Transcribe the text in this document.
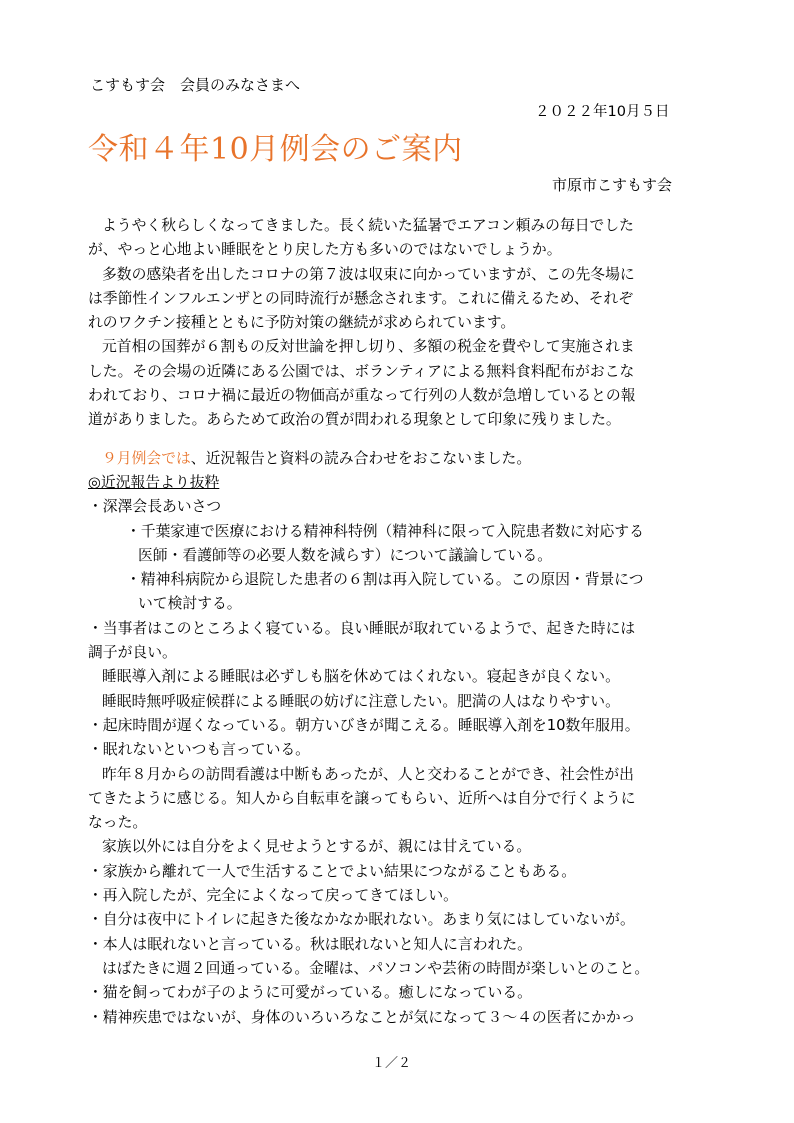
こすもす会　会員のみなさまへ
２０２２年10月５日
令和４年10月例会のご案内
市原市こすもす会
ようやく秋らしくなってきました。長く続いた猛暑でエアコン頼みの毎日でした
が、やっと心地よい睡眠をとり戻した方も多いのではないでしょうか。
多数の感染者を出したコロナの第７波は収束に向かっていますが、この先冬場に
は季節性インフルエンザとの同時流行が懸念されます。これに備えるため、それぞ
れのワクチン接種とともに予防対策の継続が求められています。
元首相の国葬が６割もの反対世論を押し切り、多額の税金を費やして実施されま
した。その会場の近隣にある公園では、ボランティアによる無料食料配布がおこな
われており、コロナ禍に最近の物価高が重なって行列の人数が急増しているとの報
道がありました。あらためて政治の質が問われる現象として印象に残りました。
９月例会では、近況報告と資料の読み合わせをおこないました。
◎近況報告より抜粋
・深澤会長あいさつ
・千葉家連で医療における精神科特例（精神科に限って入院患者数に対応する
医師・看護師等の必要人数を減らす）について議論している。
・精神科病院から退院した患者の６割は再入院している。この原因・背景につ
いて検討する。
・当事者はこのところよく寝ている。良い睡眠が取れているようで、起きた時には
調子が良い。
睡眠導入剤による睡眠は必ずしも脳を休めてはくれない。寝起きが良くない。
睡眠時無呼吸症候群による睡眠の妨げに注意したい。肥満の人はなりやすい。
・起床時間が遅くなっている。朝方いびきが聞こえる。睡眠導入剤を10数年服用。
・眠れないといつも言っている。
昨年８月からの訪問看護は中断もあったが、人と交わることができ、社会性が出
てきたように感じる。知人から自転車を譲ってもらい、近所へは自分で行くように
なった。
家族以外には自分をよく見せようとするが、親には甘えている。
・家族から離れて一人で生活することでよい結果につながることもある。
・再入院したが、完全によくなって戻ってきてほしい。
・自分は夜中にトイレに起きた後なかなか眠れない。あまり気にはしていないが。
・本人は眠れないと言っている。秋は眠れないと知人に言われた。
はばたきに週２回通っている。金曜は、パソコンや芸術の時間が楽しいとのこと。
・猫を飼ってわが子のように可愛がっている。癒しになっている。
・精神疾患ではないが、身体のいろいろなことが気になって３～４の医者にかかっ
１／２
